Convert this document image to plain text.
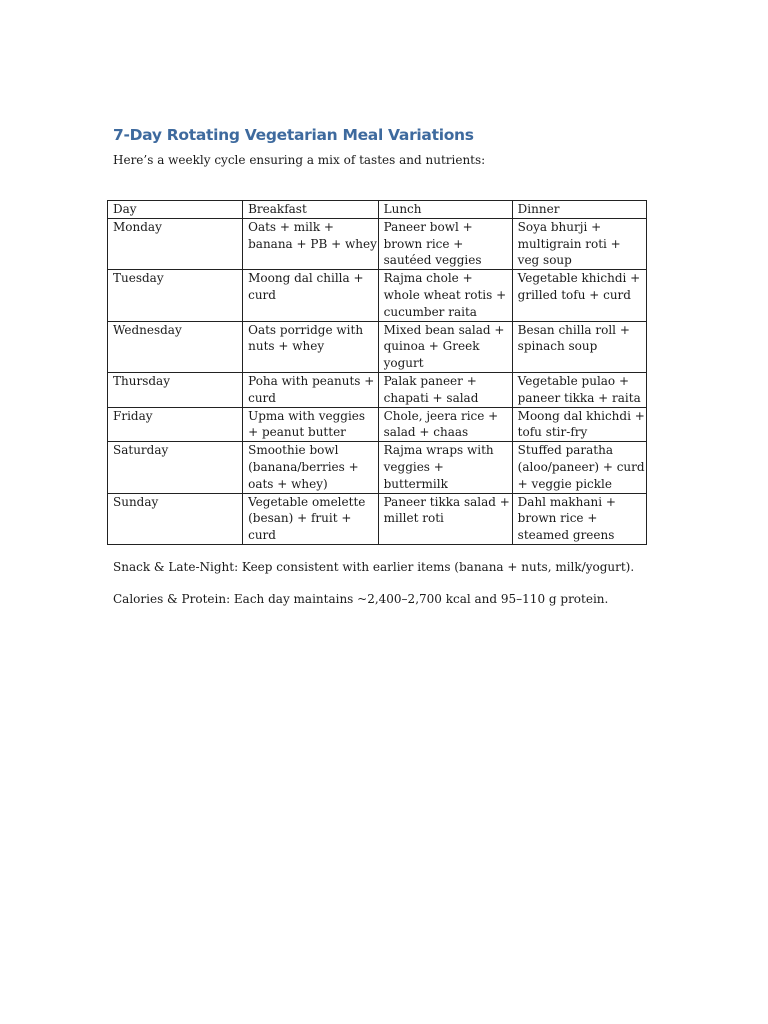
7-Day Rotating Vegetarian Meal Variations

Here’s a weekly cycle ensuring a mix of tastes and nutrients:

Day	Breakfast	Lunch	Dinner
Monday	Oats + milk + banana + PB + whey	Paneer bowl + brown rice + sautéed veggies	Soya bhurji + multigrain roti + veg soup
Tuesday	Moong dal chilla + curd	Rajma chole + whole wheat rotis + cucumber raita	Vegetable khichdi + grilled tofu + curd
Wednesday	Oats porridge with nuts + whey	Mixed bean salad + quinoa + Greek yogurt	Besan chilla roll + spinach soup
Thursday	Poha with peanuts + curd	Palak paneer + chapati + salad	Vegetable pulao + paneer tikka + raita
Friday	Upma with veggies + peanut butter	Chole, jeera rice + salad + chaas	Moong dal khichdi + tofu stir-fry
Saturday	Smoothie bowl (banana/berries + oats + whey)	Rajma wraps with veggies + buttermilk	Stuffed paratha (aloo/paneer) + curd + veggie pickle
Sunday	Vegetable omelette (besan) + fruit + curd	Paneer tikka salad + millet roti	Dahl makhani + brown rice + steamed greens

Snack & Late-Night: Keep consistent with earlier items (banana + nuts, milk/yogurt).

Calories & Protein: Each day maintains ~2,400–2,700 kcal and 95–110 g protein.
